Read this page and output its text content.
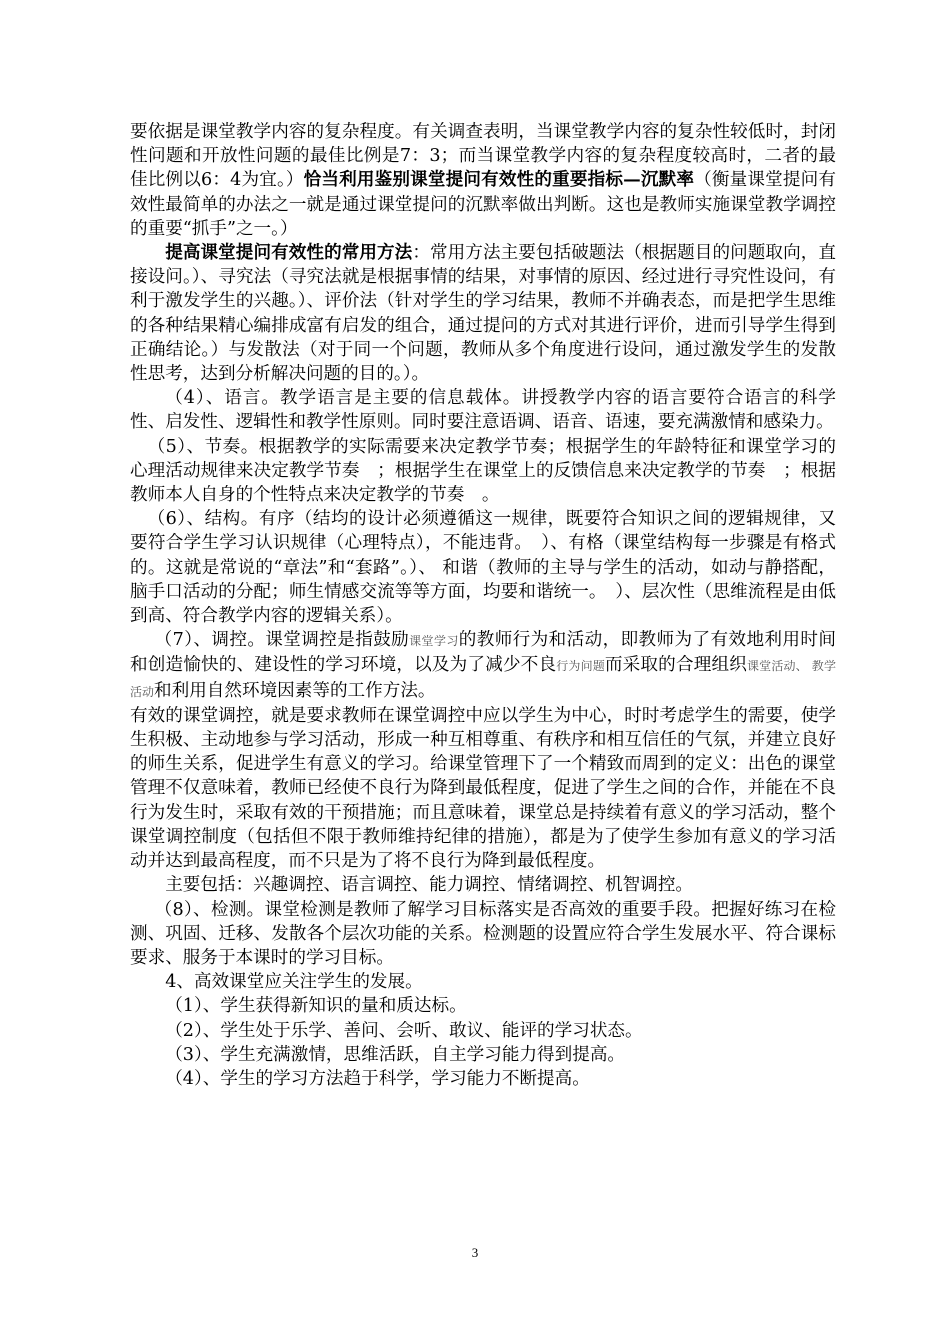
要依据是课堂教学内容的复杂程度。有关调查表明，当课堂教学内容的复杂性较低时，封闭性问题和开放性问题的最佳比例是7：3；而当课堂教学内容的复杂程度较高时，二者的最佳比例以6：4为宜。）恰当利用鉴别课堂提问有效性的重要指标—沉默率（衡量课堂提问有效性最简单的办法之一就是通过课堂提问的沉默率做出判断。这也是教师实施课堂教学调控的重要“抓手”之一。）

提高课堂提问有效性的常用方法：常用方法主要包括破题法（根据题目的问题取向，直接设问。）、寻究法（寻究法就是根据事情的结果，对事情的原因、经过进行寻究性设问，有利于激发学生的兴趣。）、评价法（针对学生的学习结果，教师不并确表态，而是把学生思维的各种结果精心编排成富有启发的组合，通过提问的方式对其进行评价，进而引导学生得到正确结论。）与发散法（对于同一个问题，教师从多个角度进行设问，通过激发学生的发散性思考，达到分析解决问题的目的。）。

（4）、语言。教学语言是主要的信息载体。讲授教学内容的语言要符合语言的科学性、启发性、逻辑性和教学性原则。同时要注意语调、语音、语速，要充满激情和感染力。

（5）、节奏。根据教学的实际需要来决定教学节奏；根据学生的年龄特征和课堂学习的心理活动规律来决定教学节奏　；根据学生在课堂上的反馈信息来决定教学的节奏　；根据教师本人自身的个性特点来决定教学的节奏　。

（6）、结构。有序（结均的设计必须遵循这一规律，既要符合知识之间的逻辑规律，又要符合学生学习认识规律（心理特点），不能违背。　）、有格（课堂结构每一步骤是有格式的。这就是常说的“章法”和“套路”。）、 和谐（教师的主导与学生的活动，如动与静搭配，脑手口活动的分配；师生情感交流等等方面，均要和谐统一。　）、层次性（思维流程是由低到高、符合教学内容的逻辑关系）。

（7）、调控。课堂调控是指鼓励课堂学习的教师行为和活动，即教师为了有效地利用时间和创造愉快的、建设性的学习环境，以及为了减少不良行为问题而采取的合理组织课堂活动、 教学活动和利用自然环境因素等的工作方法。

有效的课堂调控，就是要求教师在课堂调控中应以学生为中心，时时考虑学生的需要，使学生积极、主动地参与学习活动，形成一种互相尊重、有秩序和相互信任的气氛，并建立良好的师生关系，促进学生有意义的学习。给课堂管理下了一个精致而周到的定义：出色的课堂管理不仅意味着，教师已经使不良行为降到最低程度，促进了学生之间的合作，并能在不良行为发生时，采取有效的干预措施；而且意味着，课堂总是持续着有意义的学习活动，整个课堂调控制度（包括但不限于教师维持纪律的措施），都是为了使学生参加有意义的学习活动并达到最高程度，而不只是为了将不良行为降到最低程度。

主要包括：兴趣调控、语言调控、能力调控、情绪调控、机智调控。

（8）、检测。课堂检测是教师了解学习目标落实是否高效的重要手段。把握好练习在检测、巩固、迁移、发散各个层次功能的关系。检测题的设置应符合学生发展水平、符合课标要求、服务于本课时的学习目标。

4、高效课堂应关注学生的发展。

（1）、学生获得新知识的量和质达标。

（2）、学生处于乐学、善问、会听、敢议、能评的学习状态。

（3）、学生充满激情，思维活跃，自主学习能力得到提高。

（4）、学生的学习方法趋于科学，学习能力不断提高。

3
